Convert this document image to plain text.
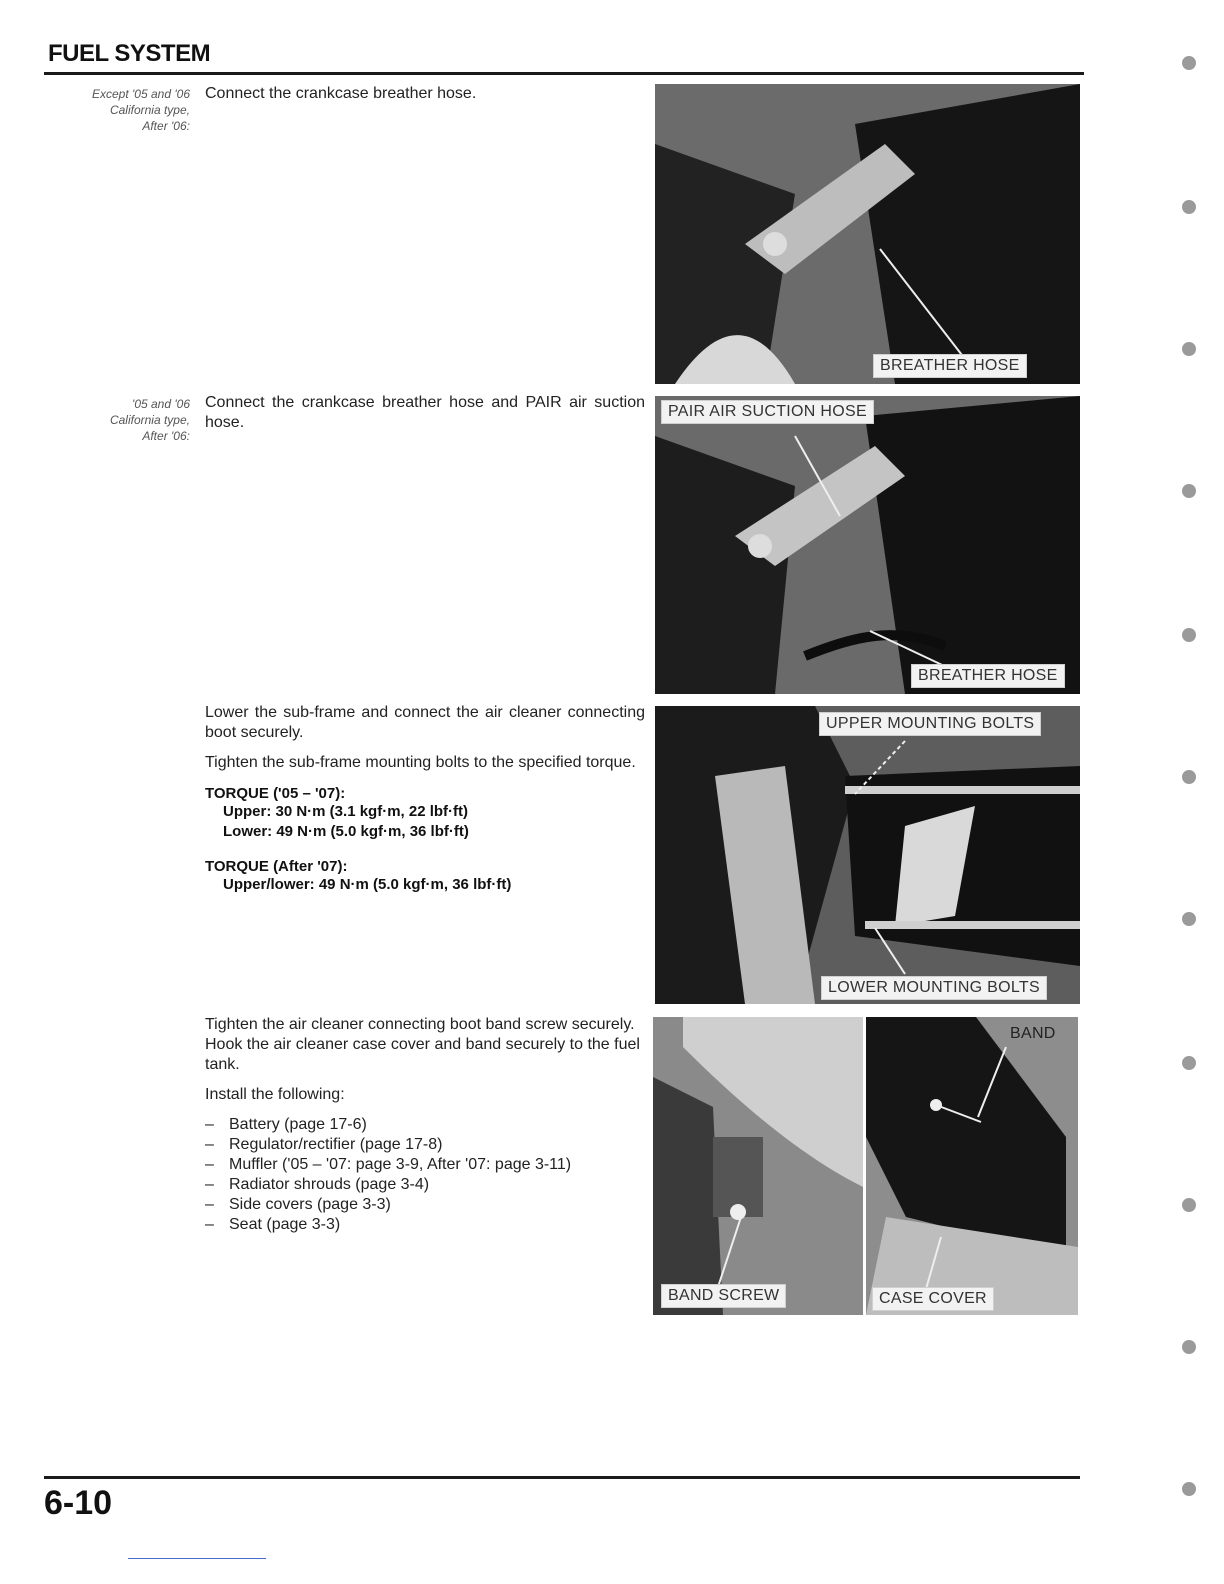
FUEL SYSTEM
Except '05 and '06
California type,
After '06:
Connect the crankcase breather hose.
'05 and '06
California type,
After '06:
Connect the crankcase breather hose and PAIR air suction hose.
Lower the sub-frame and connect the air cleaner connecting boot securely.
Tighten the sub-frame mounting bolts to the specified torque.
TORQUE ('05 – '07):
Upper: 30 N·m (3.1 kgf·m, 22 lbf·ft)
Lower: 49 N·m (5.0 kgf·m, 36 lbf·ft)
TORQUE (After '07):
Upper/lower: 49 N·m (5.0 kgf·m, 36 lbf·ft)
Tighten the air cleaner connecting boot band screw securely.
Hook the air cleaner case cover and band securely to the fuel tank.
Install the following:
– Battery (page 17-6)
– Regulator/rectifier (page 17-8)
– Muffler ('05 – '07: page 3-9, After '07: page 3-11)
– Radiator shrouds (page 3-4)
– Side covers (page 3-3)
– Seat (page 3-3)
BREATHER HOSE
PAIR AIR SUCTION HOSE
BREATHER HOSE
UPPER MOUNTING BOLTS
LOWER MOUNTING BOLTS
BAND SCREW
BAND
CASE COVER
6-10
